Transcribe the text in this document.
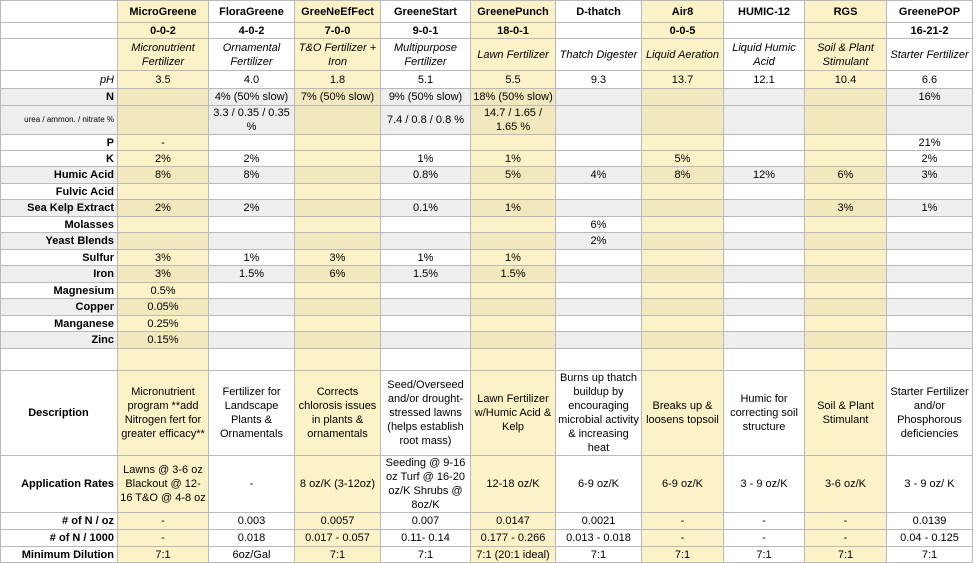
	MicroGreene	FloraGreene	GreeNeEfFect	GreeneStart	GreenePunch	D-thatch	Air8	HUMIC-12	RGS	GreenePOP
	0-0-2	4-0-2	7-0-0	9-0-1	18-0-1		0-0-5			16-21-2
	Micronutrient Fertilizer	Ornamental Fertilizer	T&O Fertilizer + Iron	Multipurpose Fertilizer	Lawn Fertilizer	Thatch Digester	Liquid Aeration	Liquid Humic Acid	Soil & Plant Stimulant	Starter Fertilizer
pH	3.5	4.0	1.8	5.1	5.5	9.3	13.7	12.1	10.4	6.6
N		4% (50% slow)	7% (50% slow)	9% (50% slow)	18% (50% slow)					16%
urea / ammon. / nitrate %		3.3 / 0.35 / 0.35 %		7.4 / 0.8 / 0.8 %	14.7 / 1.65 / 1.65 %					
P	-									21%
K	2%	2%		1%	1%		5%			2%
Humic Acid	8%	8%		0.8%	5%	4%	8%	12%	6%	3%
Fulvic Acid										
Sea Kelp Extract	2%	2%		0.1%	1%				3%	1%
Molasses						6%				
Yeast Blends						2%				
Sulfur	3%	1%	3%	1%	1%					
Iron	3%	1.5%	6%	1.5%	1.5%					
Magnesium	0.5%									
Copper	0.05%									
Manganese	0.25%									
Zinc	0.15%									

Description	Micronutrient program **add Nitrogen fert for greater efficacy**	Fertilizer for Landscape Plants & Ornamentals	Corrects chlorosis issues in plants & ornamentals	Seed/Overseed and/or drought-stressed lawns (helps establish root mass)	Lawn Fertilizer w/Humic Acid & Kelp	Burns up thatch buildup by encouraging microbial activity & increasing heat	Breaks up & loosens topsoil	Humic for correcting soil structure	Soil & Plant Stimulant	Starter Fertilizer and/or Phosphorous deficiencies
Application Rates	Lawns @ 3-6 oz Blackout @ 12-16 T&O @ 4-8 oz	-	8 oz/K (3-12oz)	Seeding @ 9-16 oz Turf @ 16-20 oz/K Shrubs @ 8oz/K	12-18 oz/K	6-9 oz/K	6-9 oz/K	3 - 9 oz/K	3-6 oz/K	3 - 9 oz/ K
# of N / oz	-	0.003	0.0057	0.007	0.0147	0.0021	-	-	-	0.0139
# of N / 1000	-	0.018	0.017 - 0.057	0.11- 0.14	0.177 - 0.266	0.013 - 0.018	-	-	-	0.04 - 0.125
Minimum Dilution	7:1	6oz/Gal	7:1	7:1	7:1 (20:1 ideal)	7:1	7:1	7:1	7:1	7:1
